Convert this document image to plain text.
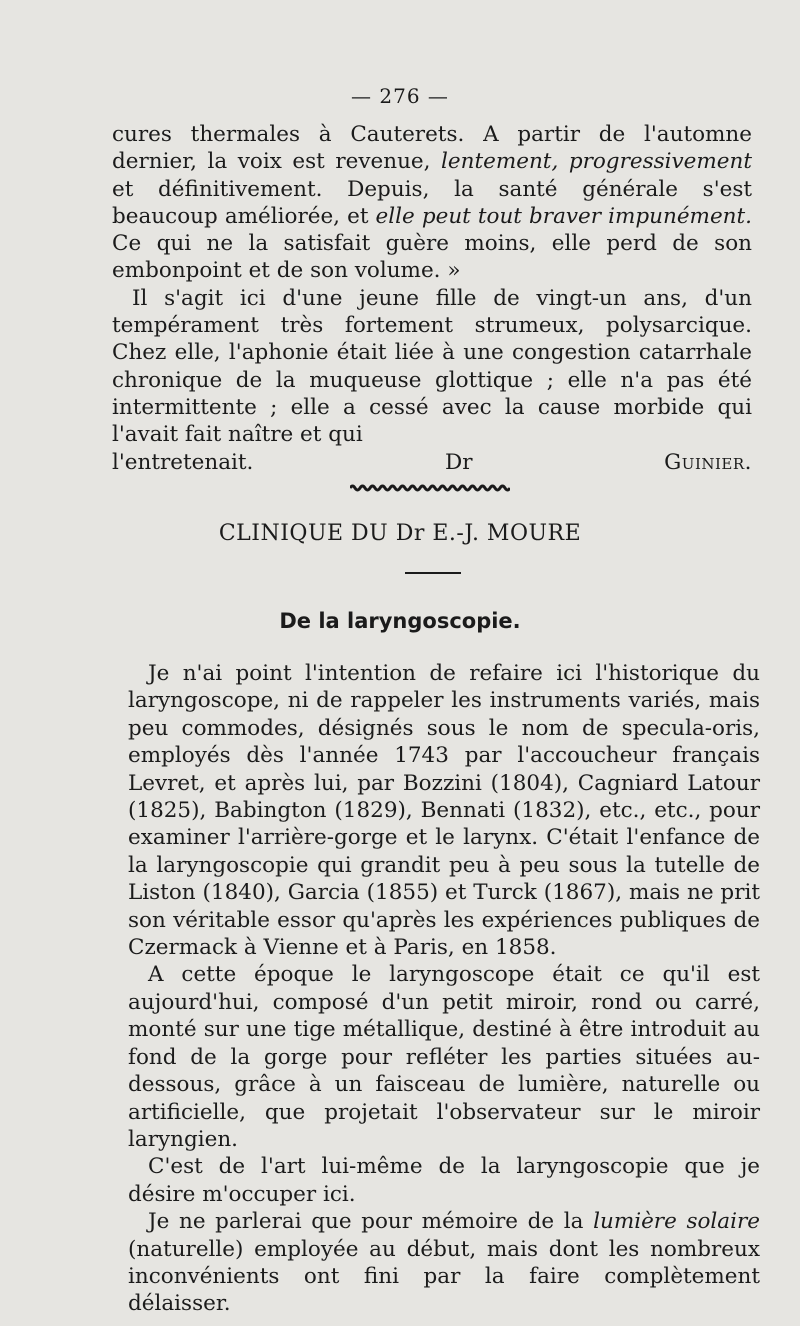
— 276 —

cures thermales à Cauterets. A partir de l'automne dernier, la voix est revenue, lentement, progressivement et définitivement. Depuis, la santé générale s'est beaucoup améliorée, et elle peut tout braver impunément. Ce qui ne la satisfait guère moins, elle perd de son embonpoint et de son volume. »

Il s'agit ici d'une jeune fille de vingt-un ans, d'un tempérament très fortement strumeux, polysarcique. Chez elle, l'aphonie était liée à une congestion catarrhale chronique de la muqueuse glottique ; elle n'a pas été intermittente ; elle a cessé avec la cause morbide qui l'avait fait naître et qui

l'entretenait.	Dr	Guinier.

CLINIQUE DU Dr E.-J. MOURE
De la laryngoscopie.

Je n'ai point l'intention de refaire ici l'historique du laryngoscope, ni de rappeler les instruments variés, mais peu commodes, désignés sous le nom de specula-oris, employés dès l'année 1743 par l'accoucheur français Levret, et après lui, par Bozzini (1804), Cagniard Latour (1825), Babington (1829), Bennati (1832), etc., etc., pour examiner l'arrière-gorge et le larynx. C'était l'enfance de la laryngoscopie qui grandit peu à peu sous la tutelle de Liston (1840), Garcia (1855) et Turck (1867), mais ne prit son véritable essor qu'après les expériences publiques de Czermack à Vienne et à Paris, en 1858.

A cette époque le laryngoscope était ce qu'il est aujourd'hui, composé d'un petit miroir, rond ou carré, monté sur une tige métallique, destiné à être introduit au fond de la gorge pour refléter les parties situées au-dessous, grâce à un faisceau de lumière, naturelle ou artificielle, que projetait l'observateur sur le miroir laryngien.

C'est de l'art lui-même de la laryngoscopie que je désire m'occuper ici.

Je ne parlerai que pour mémoire de la lumière solaire (naturelle) employée au début, mais dont les nombreux inconvénients ont fini par la faire complètement délaisser.
